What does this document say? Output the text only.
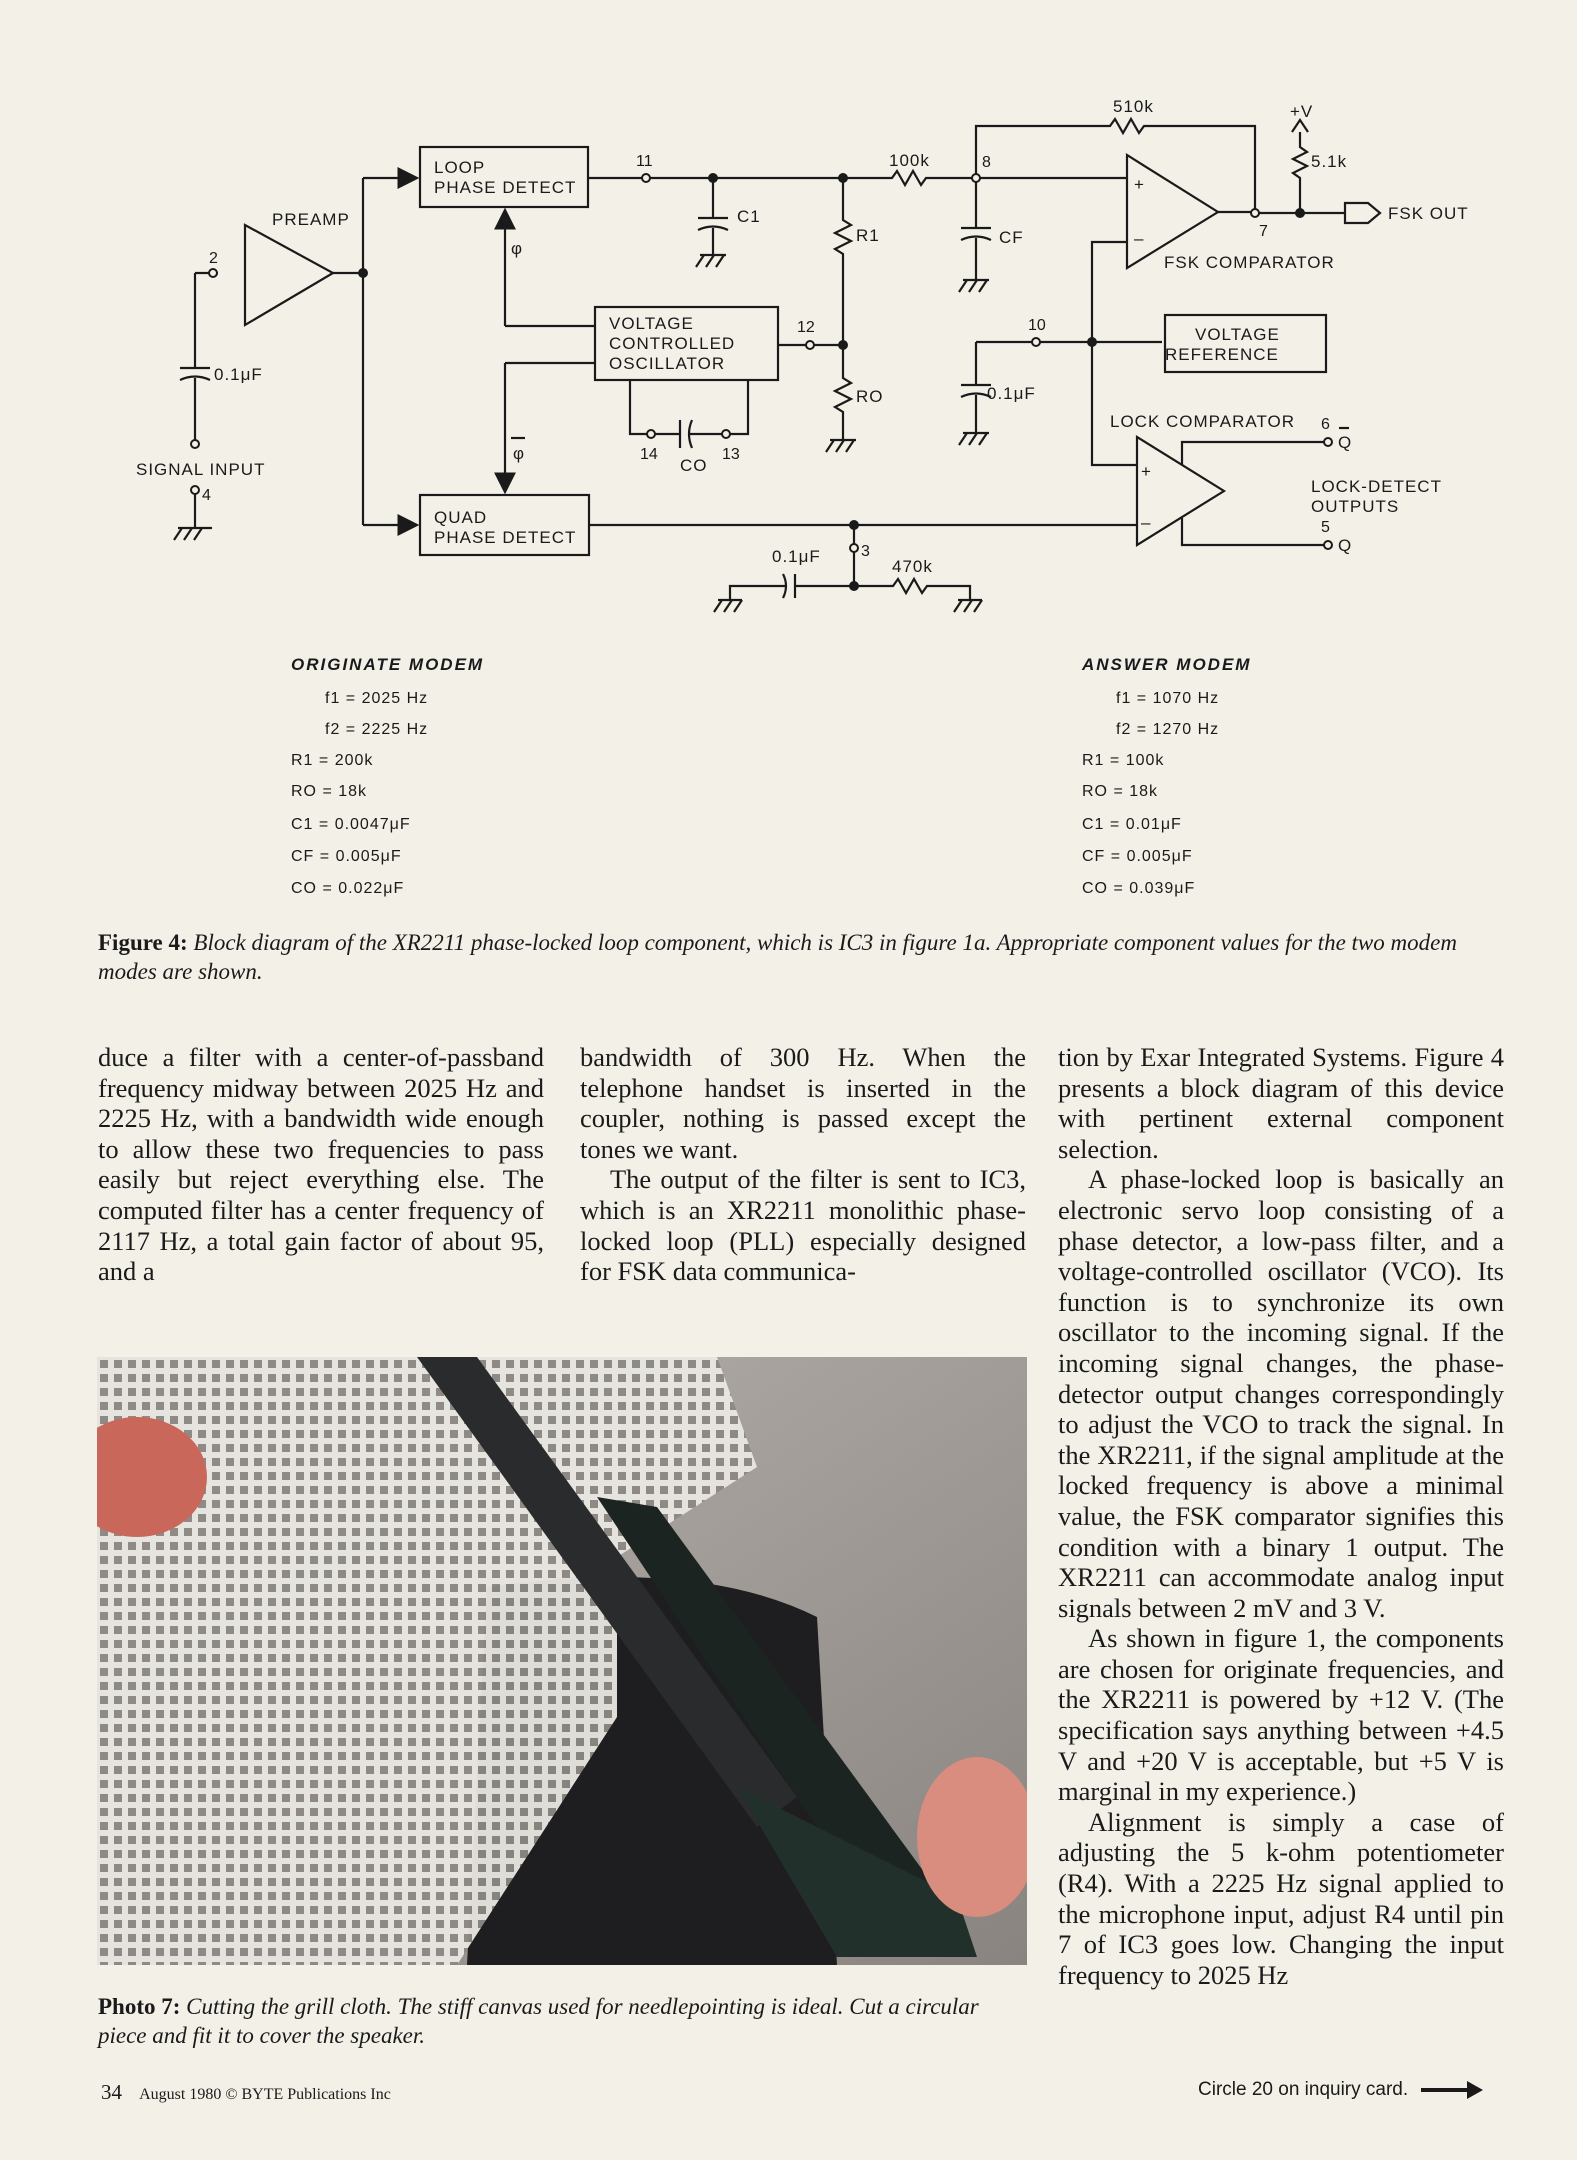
2
0.1μF
SIGNAL INPUT
4
PREAMP
LOOP
PHASE DETECT
11
C1
R1
100k	8
CF
510k
+
–
FSK COMPARATOR
7
+V
5.1k
FSK OUT
φ
VOLTAGE
CONTROLLED
OSCILLATOR
φ
12
RO
14	13
CO
10
0.1μF
VOLTAGE
REFERENCE
LOCK COMPARATOR
+
–
6
Q
5
Q
LOCK-DETECT
OUTPUTS
QUAD
PHASE DETECT
3
0.1μF
470k
ORIGINATE MODEM
f1 = 2025 Hz
f2 = 2225 Hz
R1 = 200k
RO = 18k
C1 = 0.0047μF
CF = 0.005μF
CO = 0.022μF
ANSWER MODEM
f1 = 1070 Hz
f2 = 1270 Hz
R1 = 100k
RO = 18k
C1 = 0.01μF
CF = 0.005μF
CO = 0.039μF
Figure 4: Block diagram of the XR2211 phase-locked loop component, which is IC3 in figure 1a. Appropriate component values for the two modem modes are shown.

duce a filter with a center-of-passband frequency midway between 2025 Hz and 2225 Hz, with a bandwidth wide enough to allow these two frequencies to pass easily but reject everything else. The computed filter has a center frequency of 2117 Hz, a total gain factor of about 95, and a

bandwidth of 300 Hz. When the telephone handset is inserted in the coupler, nothing is passed except the tones we want.

The output of the filter is sent to IC3, which is an XR2211 monolithic phase-locked loop (PLL) especially designed for FSK data communica-

tion by Exar Integrated Systems. Figure 4 presents a block diagram of this device with pertinent external component selection.

A phase-locked loop is basically an electronic servo loop consisting of a phase detector, a low-pass filter, and a voltage-controlled oscillator (VCO). Its function is to synchronize its own oscillator to the incoming signal. If the incoming signal changes, the phase-detector output changes correspondingly to adjust the VCO to track the signal. In the XR2211, if the signal amplitude at the locked frequency is above a minimal value, the FSK comparator signifies this condition with a binary 1 output. The XR2211 can accommodate analog input signals between 2 mV and 3 V.

As shown in figure 1, the components are chosen for originate frequencies, and the XR2211 is powered by +12 V. (The specification says anything between +4.5 V and +20 V is acceptable, but +5 V is marginal in my experience.)

Alignment is simply a case of adjusting the 5 k-ohm potentiometer (R4). With a 2225 Hz signal applied to the microphone input, adjust R4 until pin 7 of IC3 goes low. Changing the input frequency to 2025 Hz

Photo 7: Cutting the grill cloth. The stiff canvas used for needlepointing is ideal. Cut a circular piece and fit it to cover the speaker.
34 August 1980 © BYTE Publications Inc	Circle 20 on inquiry card.
